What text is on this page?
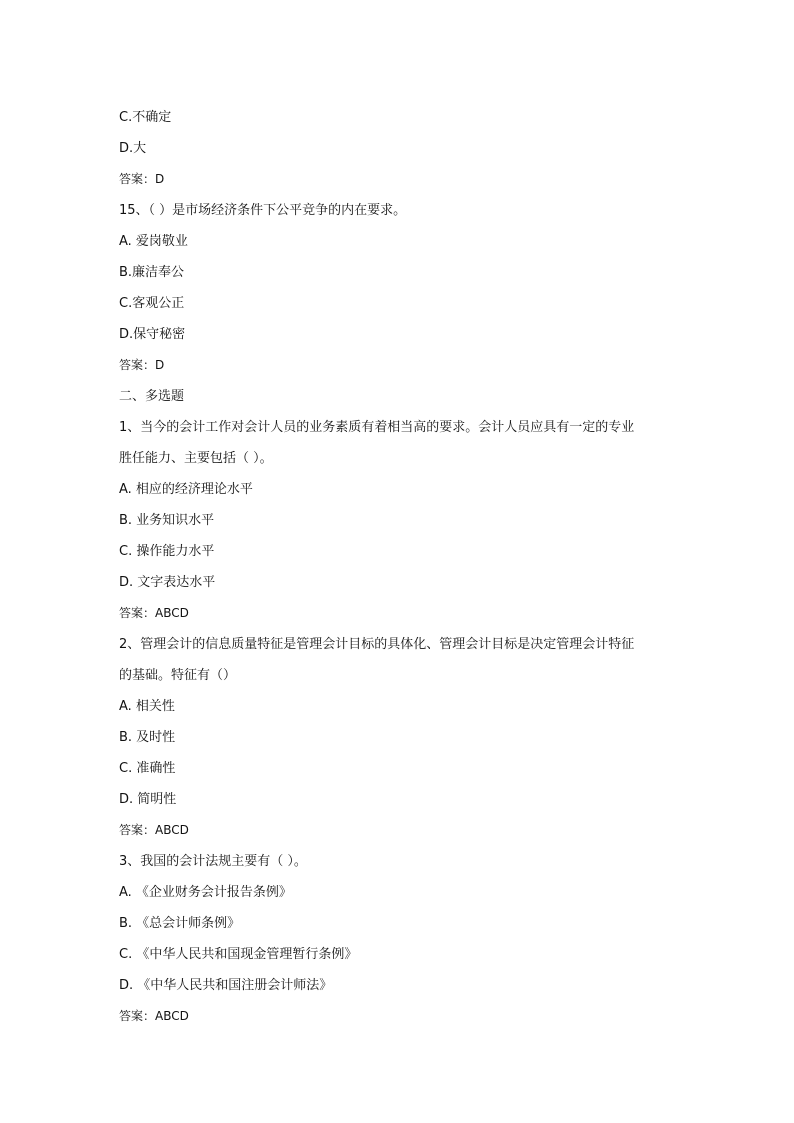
C.不确定
D.大
答案：D
15、（ ）是市场经济条件下公平竞争的内在要求。
A. 爱岗敬业
B.廉洁奉公
C.客观公正
D.保守秘密
答案：D
二、多选题
1、当今的会计工作对会计人员的业务素质有着相当高的要求。会计人员应具有一定的专业
胜任能力、主要包括（ ）。
A. 相应的经济理论水平
B. 业务知识水平
C. 操作能力水平
D. 文字表达水平
答案：ABCD
2、管理会计的信息质量特征是管理会计目标的具体化、管理会计目标是决定管理会计特征
的基础。特征有（）
A. 相关性
B. 及时性
C. 准确性
D. 简明性
答案：ABCD
3、我国的会计法规主要有（ ）。
A. 《企业财务会计报告条例》
B. 《总会计师条例》
C. 《中华人民共和国现金管理暂行条例》
D. 《中华人民共和国注册会计师法》
答案：ABCD
